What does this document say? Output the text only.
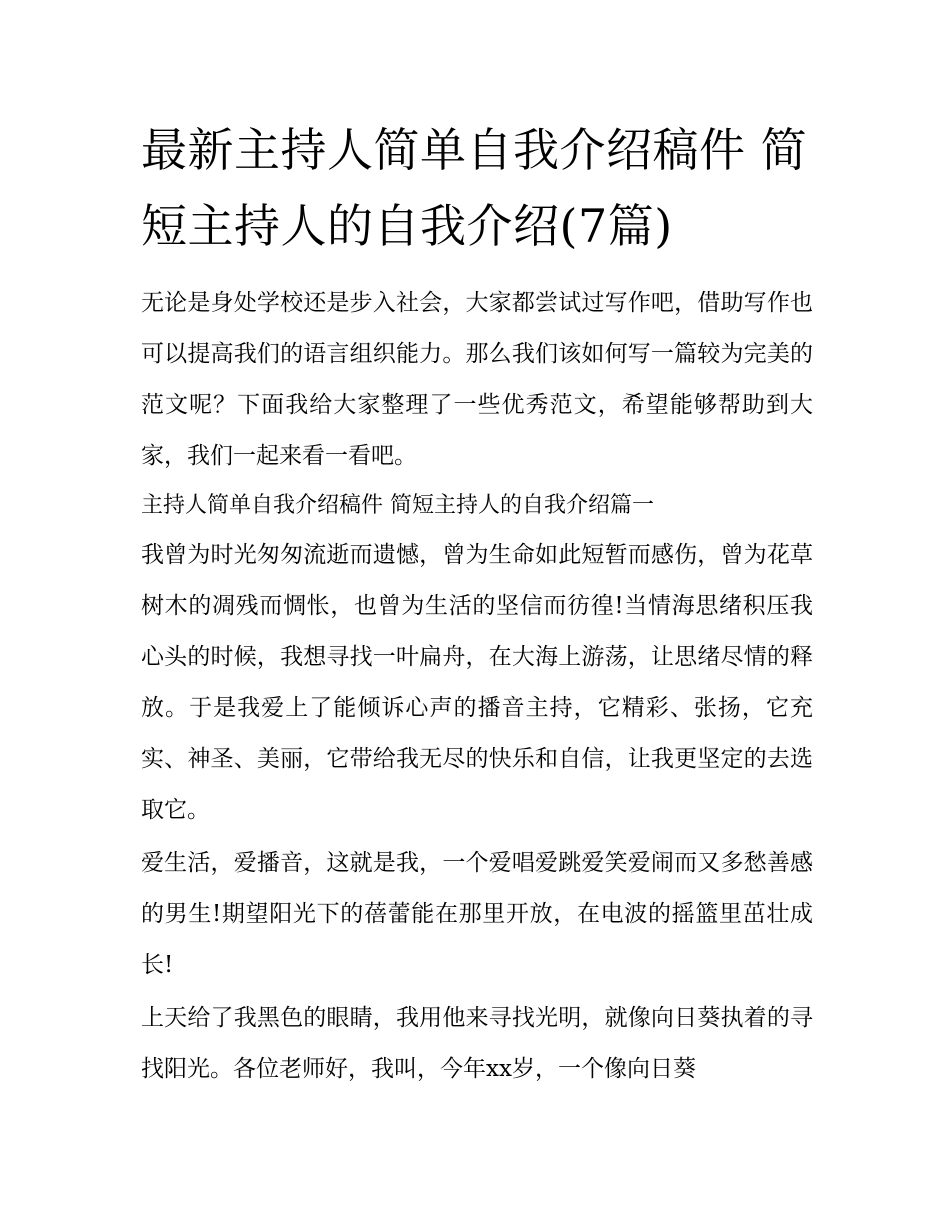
最新主持人简单自我介绍稿件 简短主持人的自我介绍(7篇)

无论是身处学校还是步入社会，大家都尝试过写作吧，借助写作也可以提高我们的语言组织能力。那么我们该如何写一篇较为完美的范文呢？下面我给大家整理了一些优秀范文，希望能够帮助到大家，我们一起来看一看吧。

主持人简单自我介绍稿件 简短主持人的自我介绍篇一

我曾为时光匆匆流逝而遗憾，曾为生命如此短暂而感伤，曾为花草树木的凋残而惆怅，也曾为生活的坚信而彷徨!当情海思绪积压我心头的时候，我想寻找一叶扁舟，在大海上游荡，让思绪尽情的释放。于是我爱上了能倾诉心声的播音主持，它精彩、张扬，它充实、神圣、美丽，它带给我无尽的快乐和自信，让我更坚定的去选取它。

爱生活，爱播音，这就是我，一个爱唱爱跳爱笑爱闹而又多愁善感的男生!期望阳光下的蓓蕾能在那里开放，在电波的摇篮里茁壮成长!

上天给了我黑色的眼睛，我用他来寻找光明，就像向日葵执着的寻找阳光。各位老师好，我叫，今年xx岁，一个像向日葵
